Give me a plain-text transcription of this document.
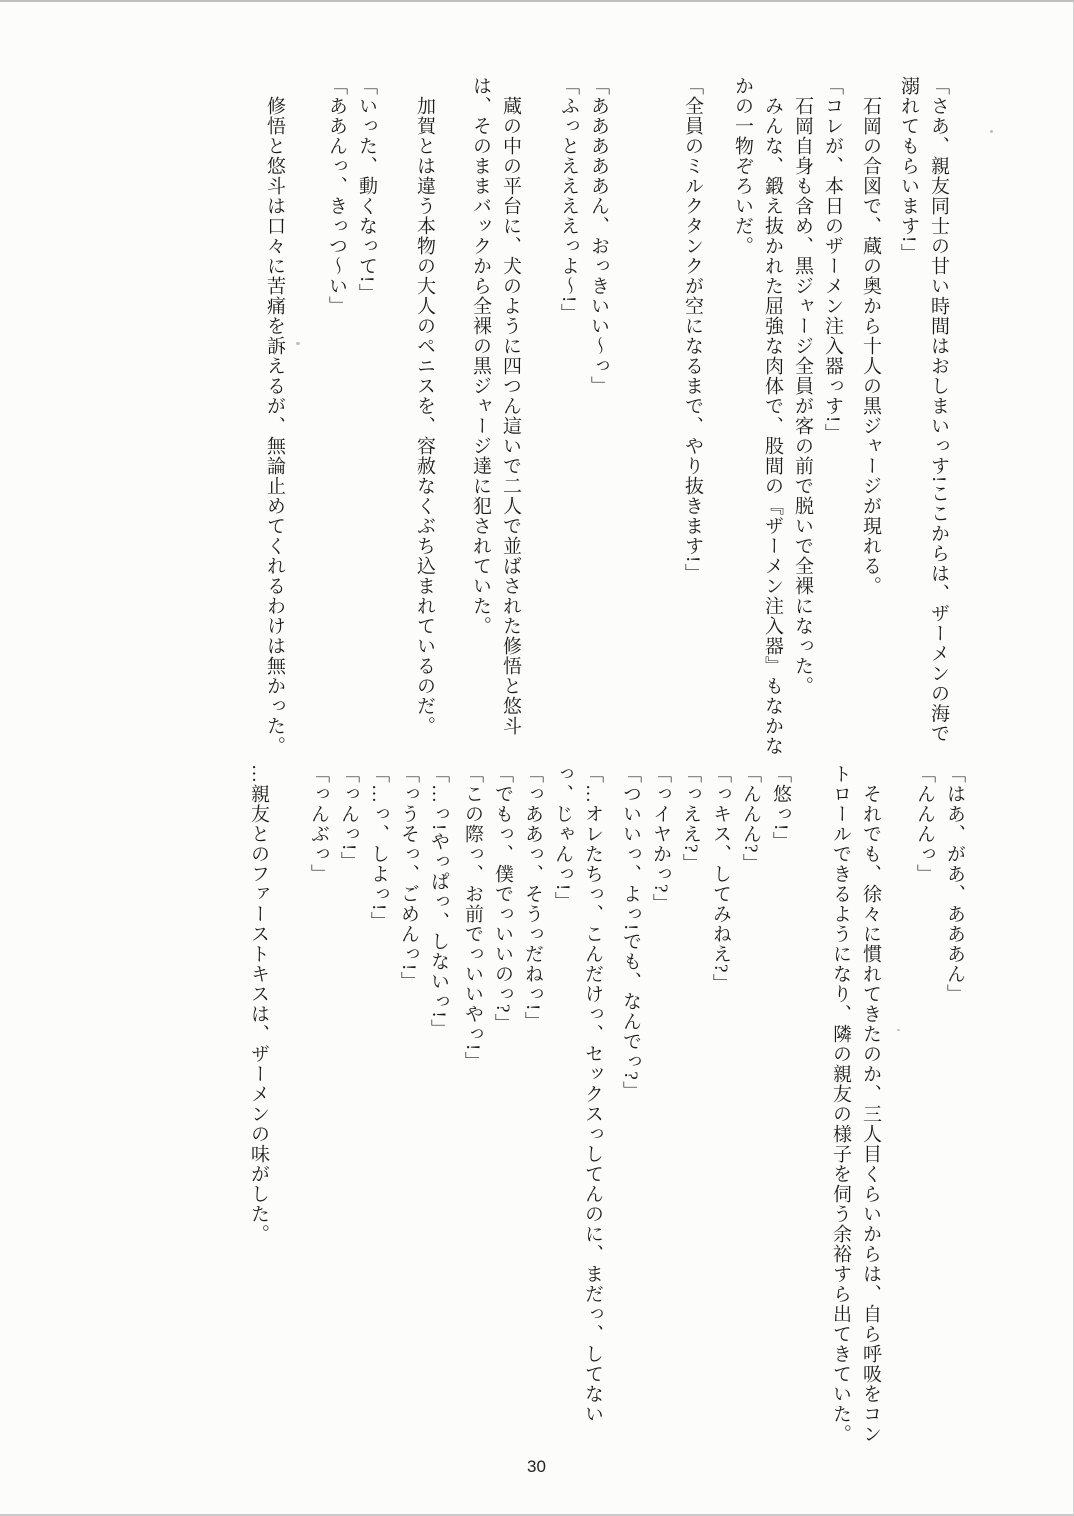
「さあ、親友同士の甘い時間はおしまいっす!ここからは、ザーメンの海で
溺れてもらいます!」
石岡の合図で、蔵の奥から十人の黒ジャージが現れる。
「コレが、本日のザーメン注入器っす!」
石岡自身も含め、黒ジャージ全員が客の前で脱いで全裸になった。
みんな、鍛え抜かれた屈強な肉体で、股間の『ザーメン注入器』もなかな
かの一物ぞろいだ。
「全員のミルクタンクが空になるまで、やり抜きます!」
「あああああん、おっきいい〜っ」
「ふっとええええっよ〜!」
蔵の中の平台に、犬のように四つん這いで二人で並ばされた修悟と悠斗
は、そのままバックから全裸の黒ジャージ達に犯されていた。
加賀とは違う本物の大人のペニスを、容赦なくぶち込まれているのだ。
「いった、動くなって!」
「ああんっ、きっつ〜い」
修悟と悠斗は口々に苦痛を訴えるが、無論止めてくれるわけは無かった。
「はあ、があ、あああん」
「んんんっ」
それでも、徐々に慣れてきたのか、三人目くらいからは、自ら呼吸をコン
トロールできるようになり、隣の親友の様子を伺う余裕すら出てきていた。
「悠っ!」
「んんん?」
「っキス、してみねえ?」
「っええ?」
「っイヤかっ?」
「ついいっ、よっ!でも、なんでっ?」
「…オレたちっ、こんだけっ、セックスっしてんのに、まだっ、してない
っ、じゃんっ!」
「っああっ、そうっだねっ!」
「でもっ、僕でっいいのっ?」
「この際っ、お前でっいいやっ!」
「…っ!やっぱっ、しないっ!」
「っうそっ、ごめんっ!」
「…っ、しよっ!」
「っんっ!」
「っんぶっ」
…親友とのファーストキスは、ザーメンの味がした。
30
